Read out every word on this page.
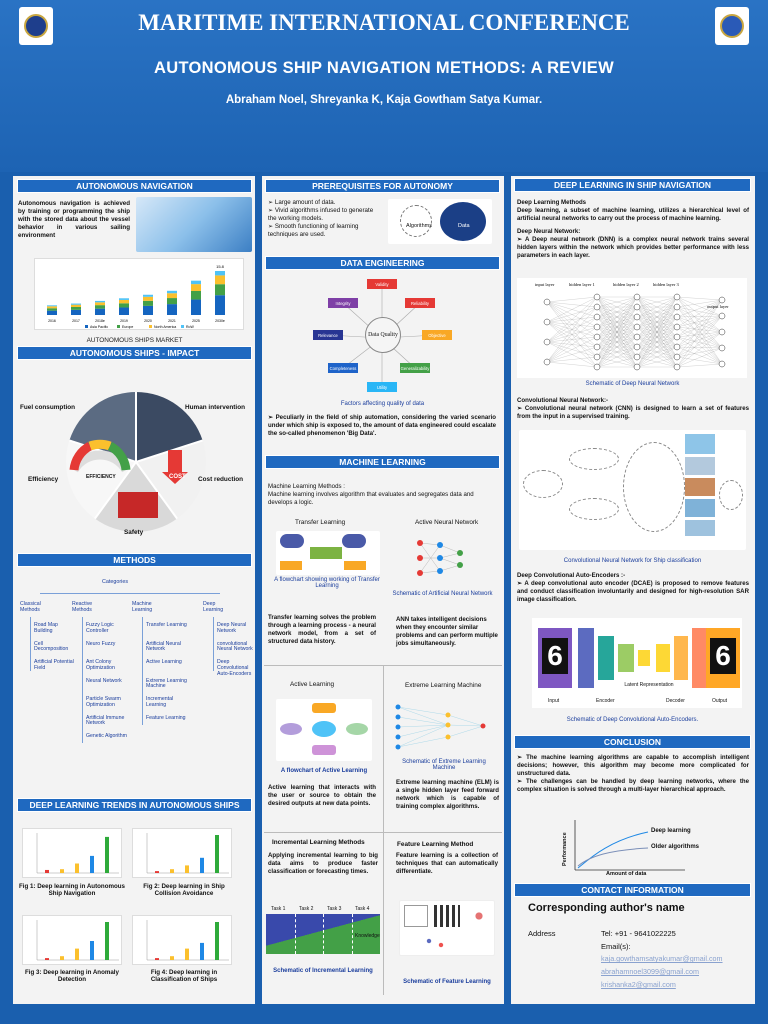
MARITIME INTERNATIONAL CONFERENCE
AUTONOMOUS SHIP NAVIGATION METHODS: A REVIEW
Abraham Noel, Shreyanka K, Kaja Gowtham Satya Kumar.
AUTONOMOUS NAVIGATION
Autonomous navigation is achieved by training or programming the ship with the stored data about the vessel behavior in various sailing environment
2016	2017	2018e	2019	2020	2021	2025	2030e
15.8
Asia Pacific	Europe	North America	RoW
AUTONOMOUS SHIPS MARKET
AUTONOMOUS SHIPS - IMPACT
EFFICIENCY	COST
Fuel consumption	Human intervention
Efficiency	Cost reduction
Safety
METHODS
Categories
Classical Methods
Road Map Building
Cell Decomposition
Artificial Potential Field
Reactive Methods
Fuzzy Logic Controller
Neuro Fuzzy
Ant Colony Optimization
Neural Network
Particle Swarm Optimization
Artificial Immune Network
Genetic Algorithm
Machine Learning
Transfer Learning
Artificial Neural Network
Active Learning
Extreme Learning Machine
Incremental Learning
Feature Learning
Deep Learning
Deep Neural Network
convolutional Neural Network
Deep Convolutional Auto-Encoders
DEEP LEARNING TRENDS IN AUTONOMOUS SHIPS
Fig 1: Deep learning in Autonomous Ship Navigation
Fig 2: Deep learning in Ship Collision Avoidance
Fig 3: Deep learning in Anomaly Detection
Fig 4: Deep learning in Classification of Ships
PREREQUISITES FOR AUTONOMY
➢ Large amount of data.
➢ Vivid algorithms infused to generate the working models.
➢ Smooth functioning of learning techniques are used.
Algorithms	Data
DATA ENGINEERING
Data Quality
Validity
Reliability
Objective
Generalizability
Utility
Completeness
Relevance
Integrity
Factors affecting quality of data
➢ Peculiarly in the field of ship automation, considering the varied scenario under which ship is exposed to, the amount of data engineered could escalate the so-called phenomenon 'Big Data'.
MACHINE LEARNING
Machine Learning Methods :
Machine learning involves algorithm that evaluates and segregates data and develops a logic.
Transfer Learning	Active Neural Network
A flowchart showing working of Transfer Learning
Schematic of Artificial Neural Network
Transfer learning solves the problem through a learning process - a neural network model, from a set of structured data history.
ANN takes intelligent decisions when they encounter similar problems and can perform multiple jobs simultaneously.
Active Learning	Extreme Learning Machine
A flowchart of Active Learning
Schematic of Extreme Learning Machine
Active learning that interacts with the user or source to obtain the desired outputs at new data points.
Extreme learning machine (ELM) is a single hidden layer feed forward network which is capable of training complex algorithms.
Incremental Learning Methods	Feature Learning Method
Applying incremental learning to big data aims to produce faster classification or forecasting times.
Feature learning is a collection of techniques that can automatically differentiate.
Task 1	Task 2	Task 3	Task 4
Knowledge
Schematic of Incremental Learning
Schematic of Feature Learning
DEEP LEARNING IN SHIP NAVIGATION
Deep Learning Methods
Deep learning, a subset of machine learning, utilizes a hierarchical level of artificial neural networks to carry out the process of machine learning.
Deep Neural Network:
➢ A Deep neural network (DNN) is a complex neural network trains several hidden layers within the network which provides better performance with less parameters in each layer.
input layer	hidden layer 1	hidden layer 2	hidden layer 3
output layer
Schematic of Deep Neural Network
Convolutional Neural Network:-
➢ Convolutional neural network (CNN) is designed to learn a set of features from the input in a supervised training.
Convolutional Neural Network for Ship classification
Deep Convolutional Auto-Encoders :-
➢ A deep convolutional auto encoder (DCAE) is proposed to remove features and conduct classification involuntarily and designed for high-resolution SAR image classification.
6	6
Input	Encoder
Latent Representation
Decoder	Output
Schematic of Deep Convolutional Auto-Encoders.
CONCLUSION
➢ The machine learning algorithms are capable to accomplish intelligent decisions; however, this algorithm may become more complicated for unstructured data.
➢ The challenges can be handled by deep learning networks, where the complex situation is solved through a multi-layer hierarchical approach.
Deep learning
Older algorithms
Performance
Amount of data
CONTACT INFORMATION
Corresponding author's name
Address	Tel: +91 - 9641022225
Email(s):
kaja.gowthamsatyakumar@gmail.com
abrahamnoel3099@gmail.com
krishanka2@gmail.com
